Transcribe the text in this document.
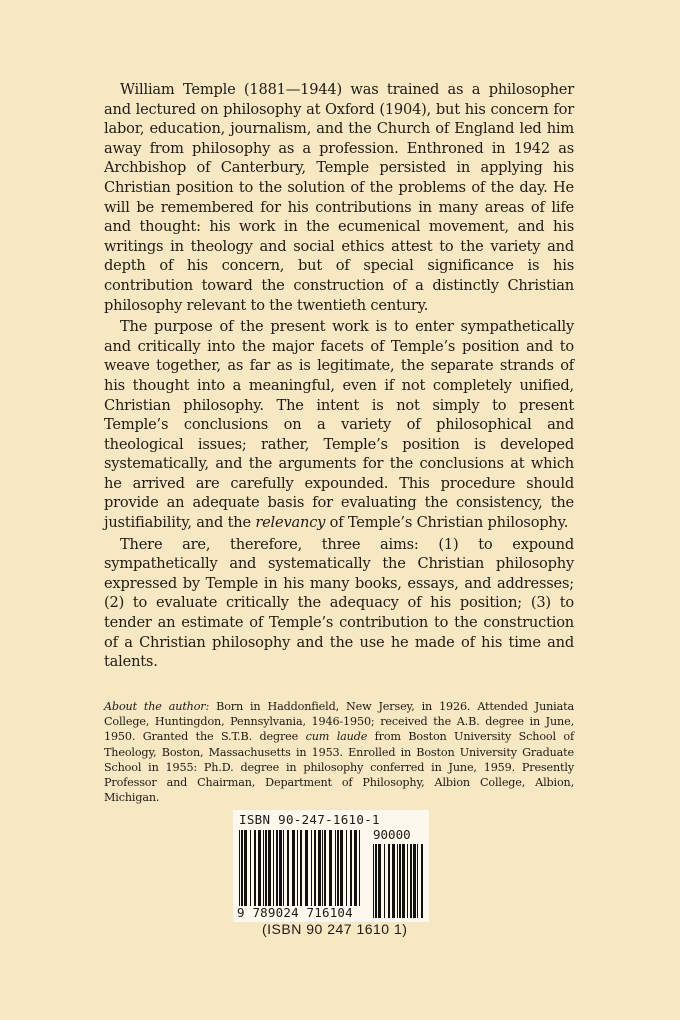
William Temple (1881—1944) was trained as a philosopher and lectured on philosophy at Oxford (1904), but his concern for labor, education, journalism, and the Church of England led him away from philosophy as a profession. Enthroned in 1942 as Archbishop of Canterbury, Temple persisted in applying his Christian position to the solution of the problems of the day. He will be remembered for his contributions in many areas of life and thought: his work in the ecumenical movement, and his writings in theology and social ethics attest to the variety and depth of his concern, but of special significance is his contribution toward the construction of a distinctly Christian philosophy relevant to the twentieth century.

The purpose of the present work is to enter sympathetically and critically into the major facets of Temple’s position and to weave together, as far as is legitimate, the separate strands of his thought into a meaningful, even if not completely unified, Christian philosophy. The intent is not simply to present Temple’s conclusions on a variety of philosophical and theological issues; rather, Temple’s position is developed systematically, and the arguments for the conclusions at which he arrived are carefully expounded. This procedure should provide an adequate basis for evaluating the consistency, the justifiability, and the relevancy of Temple’s Christian philosophy.

There are, therefore, three aims: (1) to expound sympathetically and systematically the Christian philosophy expressed by Temple in his many books, essays, and addresses; (2) to evaluate critically the adequacy of his position; (3) to tender an estimate of Temple’s contribution to the construction of a Christian philosophy and the use he made of his time and talents.

About the author: Born in Haddonfield, New Jersey, in 1926. Attended Juniata College, Huntingdon, Pennsylvania, 1946-1950; received the A.B. degree in June, 1950. Granted the S.T.B. degree cum laude from Boston University School of Theology, Boston, Massachusetts in 1953. Enrolled in Boston University Graduate School in 1955: Ph.D. degree in philosophy conferred in June, 1959. Presently Professor and Chairman, Department of Philosophy, Albion College, Albion, Michigan.

ISBN 90-247-1610-1
90000
9 789024 716104
(ISBN 90 247 1610 1)
